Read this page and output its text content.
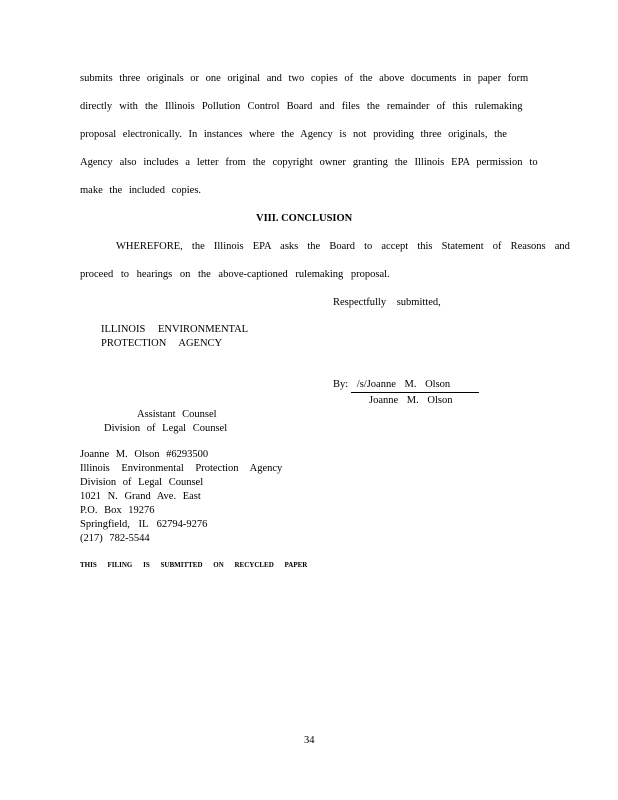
submits three originals or one original and two copies of the above documents in paper form
directly with the Illinois Pollution Control Board and files the remainder of this rulemaking
proposal electronically. In instances where the Agency is not providing three originals, the
Agency also includes a letter from the copyright owner granting the Illinois EPA permission to
make the included copies.
VIII. CONCLUSION
WHEREFORE, the Illinois EPA asks the Board to accept this Statement of Reasons and
proceed to hearings on the above-captioned rulemaking proposal.
Respectfully submitted,
ILLINOIS ENVIRONMENTAL
PROTECTION AGENCY
By: /s/Joanne M. Olson
Joanne M. Olson
Assistant Counsel
Division of Legal Counsel
Joanne M. Olson #6293500
Illinois Environmental Protection Agency
Division of Legal Counsel
1021 N. Grand Ave. East
P.O. Box 19276
Springfield, IL 62794-9276
(217) 782-5544
THIS FILING IS SUBMITTED ON RECYCLED PAPER
34
